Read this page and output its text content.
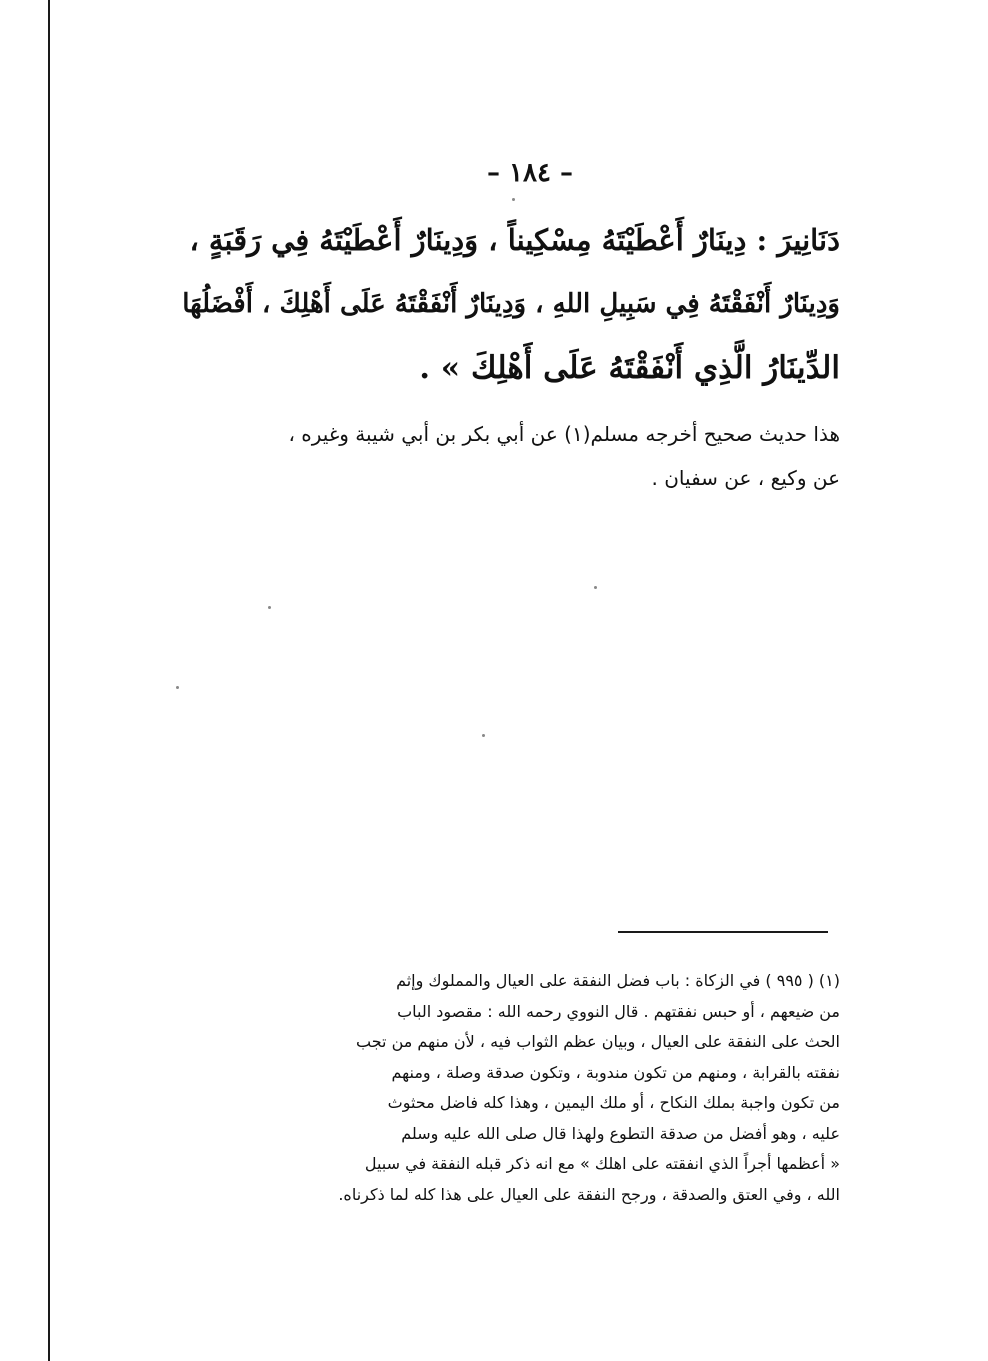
– ١٨٤ –
دَنَانِيرَ : دِينَارٌ أَعْطَيْتَهُ مِسْكِيناً ، وَدِينَارٌ أَعْطَيْتَهُ فِي رَقَبَةٍ ،
وَدِينَارٌ أَنْفَقْتَهُ فِي سَبِيلِ اللهِ ، وَدِينَارٌ أَنْفَقْتَهُ عَلَى أَهْلِكَ ، أَفْضَلُهَا
الدِّينَارُ الَّذِي أَنْفَقْتَهُ عَلَى أَهْلِكَ » .
هذا حديث صحيح أخرجه مسلم(١) عن أبي بكر بن أبي شيبة وغيره ،
عن وكيع ، عن سفيان .
(١) ( ٩٩٥ ) في الزكاة : باب فضل النفقة على العيال والمملوك وإثم
من ضيعهم ، أو حبس نفقتهم . قال النووي رحمه الله : مقصود الباب
الحث على النفقة على العيال ، وبيان عظم الثواب فيه ، لأن منهم من تجب
نفقته بالقرابة ، ومنهم من تكون مندوبة ، وتكون صدقة وصلة ، ومنهم
من تكون واجبة بملك النكاح ، أو ملك اليمين ، وهذا كله فاضل محثوث
عليه ، وهو أفضل من صدقة التطوع ولهذا قال صلى الله عليه وسلم
« أعظمها أجراً الذي انفقته على اهلك » مع انه ذكر قبله النفقة في سبيل
الله ، وفي العتق والصدقة ، ورجح النفقة على العيال على هذا كله لما ذكرناه.
